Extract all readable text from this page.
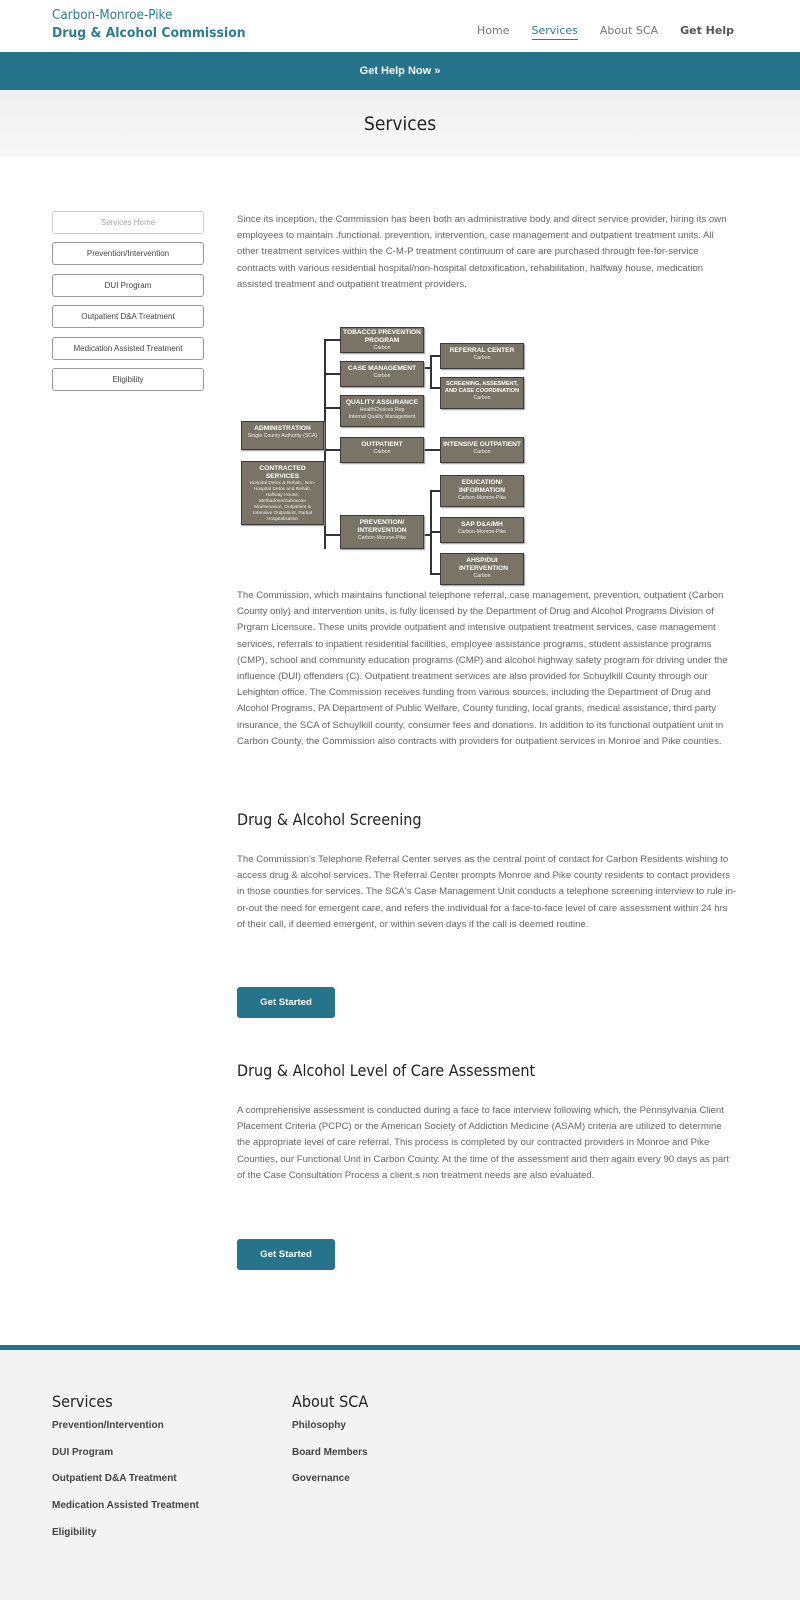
Carbon-Monroe-Pike
Drug & Alcohol Commission	Home Services About SCA Get Help
Get Help Now »
Services
Services Home
Prevention/Intervention
DUI Program
Outpatient D&A Treatment
Medication Assisted Treatment
Eligibility

Since its inception, the Commission has been both an administrative body and direct service provider, hiring its own employees to maintain .functional. prevention, intervention, case management and outpatient treatment units. All other treatment services within the C-M-P treatment continuum of care are purchased through fee-for-service contracts with various residential hospital/non-hospital detoxification, rehabilitation, halfway house, medication assisted treatment and outpatient treatment providers.

ADMINISTRATION
Single County Authority (SCA)
CONTRACTED SERVICES
Hospital Detox & Rehab., Non-Hospital Detox and Rehab, Halfway House, Methadone/Suboxone Maintenance, Outpatient & Intensive Outpatient, Partial Hospitalization
TOBACCO PREVENTION PROGRAM
Carbon
CASE MANAGEMENT
Carbon
QUALITY ASSURANCE
HealthChoices Rep
Internal Quality Management
OUTPATIENT
Carbon
PREVENTION/ INTERVENTION
Carbon-Monroe-Pike
REFERRAL CENTER
Carbon
SCREENING, ASSESMENT, AND CASE COORDINATION
Carbon
INTENSIVE OUTPATIENT
Carbon
EDUCATION/ INFORMATION
Carbon-Monroe-Pike
SAP D&A/MH
Carbon-Monroe-Pike
AHSP/DUI INTERVENTION
Carbon

The Commission, which maintains functional telephone referral, case management, prevention, outpatient (Carbon County only) and intervention units, is fully licensed by the Department of Drug and Alcohol Programs Division of Prgram Licensure. These units provide outpatient and intensive outpatient treatment services, case management services, referrals to inpatient residential facilities, employee assistance programs, student assistance programs (CMP), school and community education programs (CMP) and alcohol highway safety program for driving under the influence (DUI) offenders (C). Outpatient treatment services are also provided for Schuylkill County through our Lehighton office. The Commission receives funding from various sources, including the Department of Drug and Alcohol Programs, PA Department of Public Welfare, County funding, local grants, medical assistance, third party insurance, the SCA of Schuylkill county, consumer fees and donations. In addition to its functional outpatient unit in Carbon County, the Commission also contracts with providers for outpatient services in Monroe and Pike counties.

Drug & Alcohol Screening

The Commission's Telephone Referral Center serves as the central point of contact for Carbon Residents wishing to access drug & alcohol services. The Referral Center prompts Monroe and Pike county residents to contact providers in those counties for services. The SCA's Case Management Unit conducts a telephone screening interview to rule in-or-out the need for emergent care, and refers the individual for a face-to-face level of care assessment within 24 hrs of their call, if deemed emergent, or within seven days if the call is deemed routine.

Get Started
Drug & Alcohol Level of Care Assessment

A comprehensive assessment is conducted during a face to face interview following which, the Pennsylvania Client Placement Criteria (PCPC) or the American Society of Addiction Medicine (ASAM) criteria are utilized to determine the appropriate level of care referral. This process is completed by our contracted providers in Monroe and Pike Counties, our Functional Unit in Carbon County. At the time of the assessment and then again every 90 days as part of the Case Consultation Process a client.s non treatment needs are also evaluated.

Get Started
Services
Prevention/Intervention
DUI Program
Outpatient D&A Treatment
Medication Assisted Treatment
Eligibility
About SCA
Philosophy
Board Members
Governance
